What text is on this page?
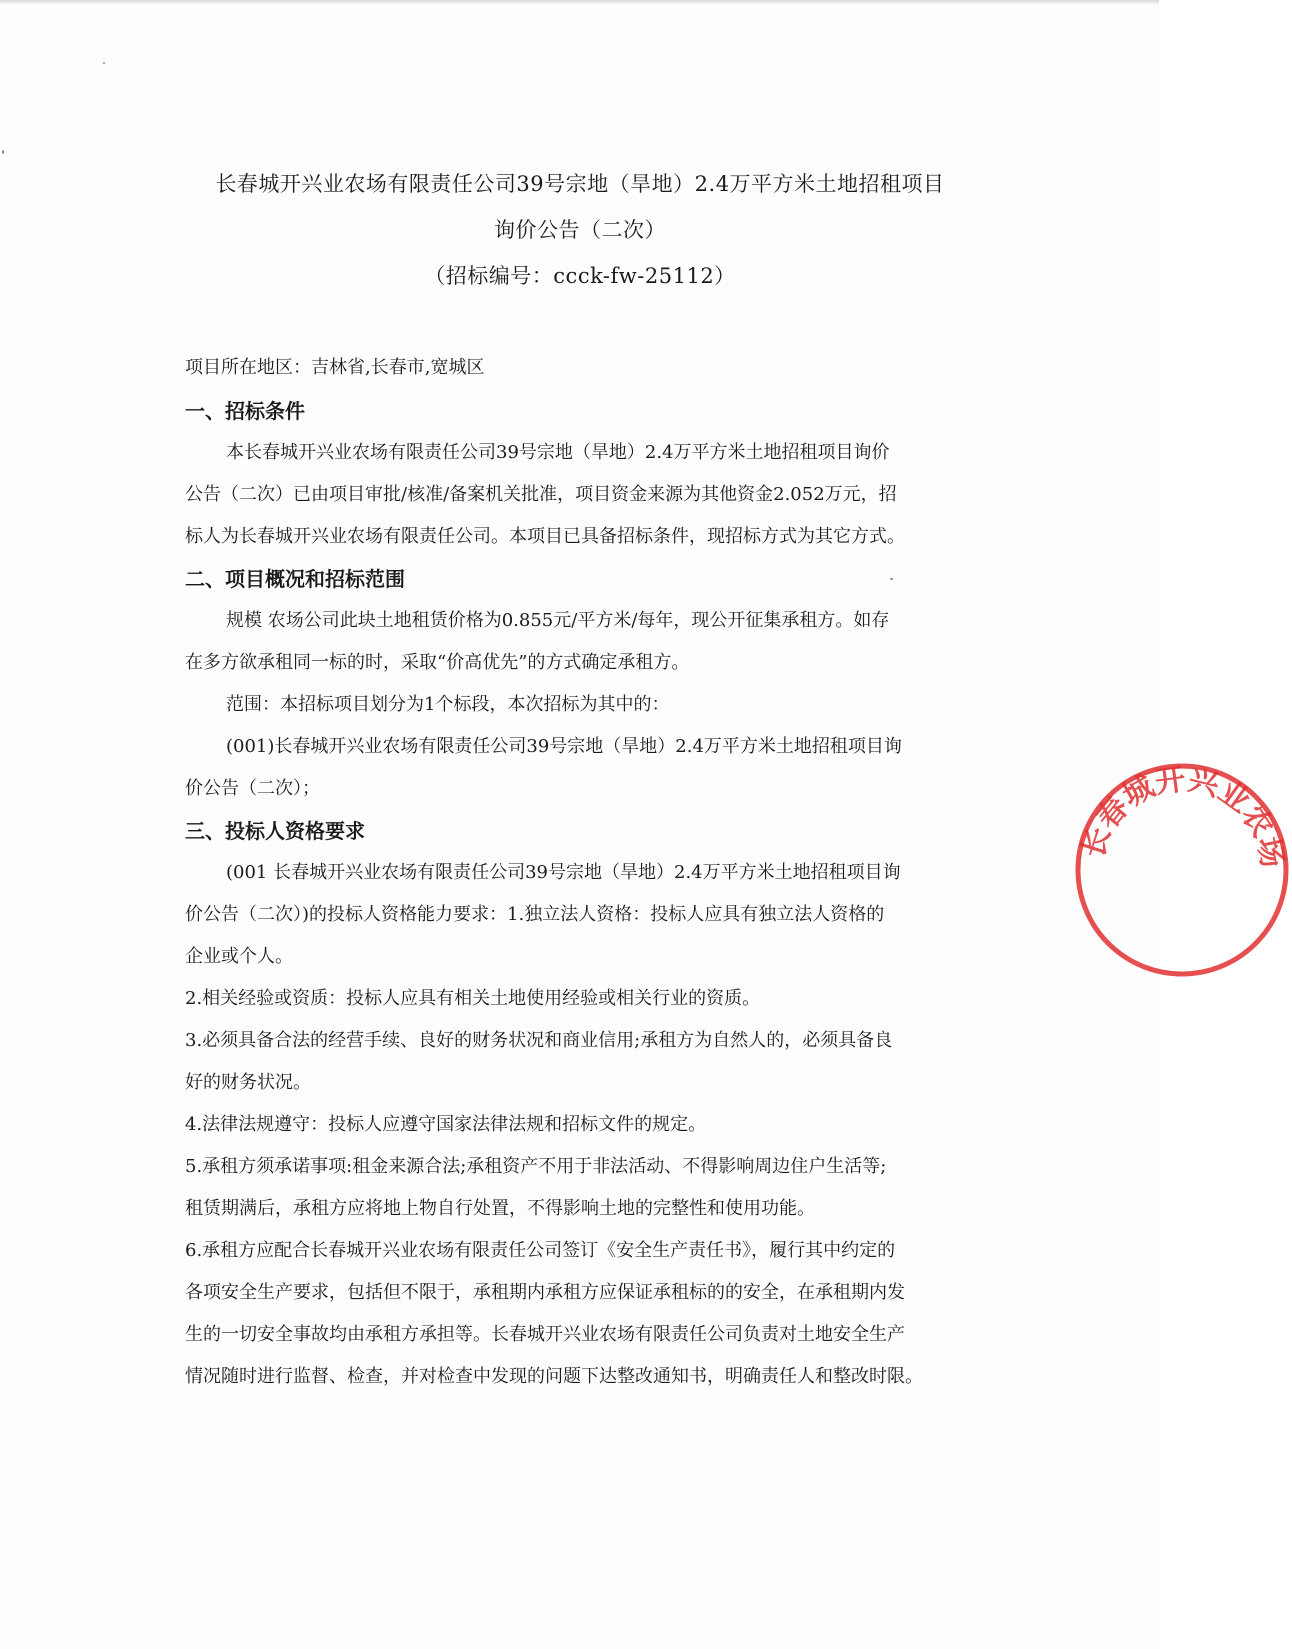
长春城开兴业农场有限责任公司39号宗地（旱地）2.4万平方米土地招租项目
询价公告（二次）
（招标编号：ccck-fw-25112）
项目所在地区：吉林省,长春市,宽城区
一、招标条件
本长春城开兴业农场有限责任公司39号宗地（旱地）2.4万平方米土地招租项目询价
公告（二次）已由项目审批/核准/备案机关批准，项目资金来源为其他资金2.052万元，招
标人为长春城开兴业农场有限责任公司。本项目已具备招标条件，现招标方式为其它方式。
二、项目概况和招标范围
规模 农场公司此块土地租赁价格为0.855元/平方米/每年，现公开征集承租方。如存
在多方欲承租同一标的时，采取“价高优先”的方式确定承租方。
范围：本招标项目划分为1个标段，本次招标为其中的：
(001)长春城开兴业农场有限责任公司39号宗地（旱地）2.4万平方米土地招租项目询
价公告（二次）；
三、投标人资格要求
(001 长春城开兴业农场有限责任公司39号宗地（旱地）2.4万平方米土地招租项目询
价公告（二次）)的投标人资格能力要求：1.独立法人资格：投标人应具有独立法人资格的
企业或个人。
2.相关经验或资质：投标人应具有相关土地使用经验或相关行业的资质。
3.必须具备合法的经营手续、良好的财务状况和商业信用;承租方为自然人的，必须具备良
好的财务状况。
4.法律法规遵守：投标人应遵守国家法律法规和招标文件的规定。
5.承租方须承诺事项:租金来源合法;承租资产不用于非法活动、不得影响周边住户生活等;
租赁期满后，承租方应将地上物自行处置，不得影响土地的完整性和使用功能。
6.承租方应配合长春城开兴业农场有限责任公司签订《安全生产责任书》，履行其中约定的
各项安全生产要求，包括但不限于，承租期内承租方应保证承租标的的安全，在承租期内发
生的一切安全事故均由承租方承担等。长春城开兴业农场有限责任公司负责对土地安全生产
情况随时进行监督、检查，并对检查中发现的问题下达整改通知书，明确责任人和整改时限。
长春城开兴业农场
